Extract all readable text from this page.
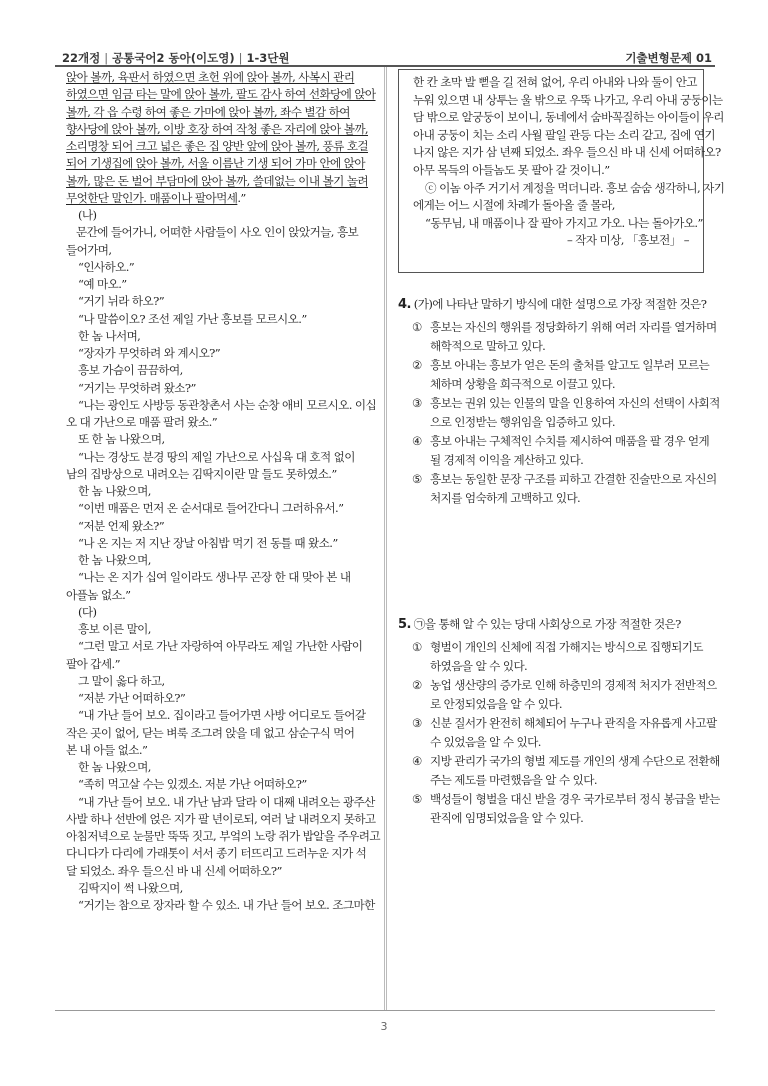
22개정 | 공통국어2 동아(이도영) | 1-3단원	기출변형문제 01
앉아 볼까, 육판서 하였으면 초헌 위에 앉아 볼까, 사복시 관리
하였으면 임금 타는 말에 앉아 볼까, 팔도 감사 하여 선화당에 앉아
볼까, 각 읍 수령 하여 좋은 가마에 앉아 볼까, 좌수 별감 하여
향사당에 앉아 볼까, 이방 호장 하여 작청 좋은 자리에 앉아 볼까,
소리명창 되어 크고 넓은 좋은 집 양반 앞에 앉아 볼까, 풍류 호걸
되어 기생집에 앉아 볼까, 서울 이름난 기생 되어 가마 안에 앉아
볼까, 많은 돈 벌어 부담마에 앉아 볼까, 쓸데없는 이내 볼기 놀려
무엇한단 말인가. 매품이나 팔아먹세.”
(나)
문간에 들어가니, 어떠한 사람들이 사오 인이 앉았거늘, 흥보
들어가며,
“인사하오.”
“예 마오.”
“거기 뉘라 하오?”
“나 말씀이오? 조선 제일 가난 흥보를 모르시오.”
한 놈 나서며,
“장자가 무엇하려 와 계시오?”
흥보 가슴이 끔끔하여,
“거기는 무엇하려 왔소?”
“나는 광인도 사방등 동관창촌서 사는 순창 애비 모르시오. 이십
오 대 가난으로 매품 팔러 왔소.”
또 한 놈 나왔으며,
“나는 경상도 분경 땅의 제일 가난으로 사십육 대 호적 없이
남의 집방상으로 내려오는 김딱지이란 말 들도 못하였소.”
한 놈 나왔으며,
“이번 매품은 먼저 온 순서대로 들어간다니 그러하유서.”
“저분 언제 왔소?”
“나 온 지는 저 지난 장날 아침밥 먹기 전 동틀 때 왔소.”
한 놈 나왔으며,
“나는 온 지가 십여 일이라도 생나무 곤장 한 대 맞아 본 내
아플놈 없소.”
(다)
흥보 이른 말이,
“그런 말고 서로 가난 자랑하여 아무라도 제일 가난한 사람이
팔아 갑세.”
그 말이 옳다 하고,
“저분 가난 어떠하오?”
“내 가난 들어 보오. 집이라고 들어가면 사방 어디로도 들어갈
작은 곳이 없어, 닫는 벼룩 조그려 앉을 데 없고 삼순구식 먹어
본 내 아들 없소.”
한 놈 나왔으며,
“족히 먹고살 수는 있겠소. 저분 가난 어떠하오?”
“내 가난 들어 보오. 내 가난 남과 달라 이 대째 내려오는 광주산
사발 하나 선반에 얹은 지가 팔 년이로되, 여러 날 내려오지 못하고
아침저녁으로 눈물만 뚝뚝 짓고, 부엌의 노랑 쥐가 밥알을 주우려고
다니다가 다리에 가래톳이 서서 종기 터뜨리고 드러누운 지가 석
달 되었소. 좌우 들으신 바 내 신세 어떠하오?”
김딱지이 썩 나왔으며,
“거기는 참으로 장자라 할 수 있소. 내 가난 들어 보오. 조그마한
한 칸 초막 발 뻗을 길 전혀 없어, 우리 아내와 나와 둘이 안고
누워 있으면 내 상투는 울 밖으로 우뚝 나가고, 우리 아내 궁둥이는
담 밖으로 알궁둥이 보이니, 동네에서 숨바꼭질하는 아이들이 우리
아내 궁둥이 치는 소리 사월 팔일 관등 다는 소리 같고, 집에 연기
나지 않은 지가 삼 년째 되었소. 좌우 들으신 바 내 신세 어떠하오?
아무 목득의 아들놈도 못 팔아 갈 것이니.”
ⓒ 이놈 아주 거기서 계정을 먹더니라. 흥보 숨숨 생각하니, 자기
에게는 어느 시절에 차례가 돌아올 줄 몰라,
“동무님, 내 매품이나 잘 팔아 가지고 가오. 나는 돌아가오.”
– 작자 미상, 「흥보전」 –
4. (가)에 나타난 말하기 방식에 대한 설명으로 가장 적절한 것은?
① 흥보는 자신의 행위를 정당화하기 위해 여러 자리를 열거하며
해학적으로 말하고 있다.
② 흥보 아내는 흥보가 얻은 돈의 출처를 알고도 일부러 모르는
체하며 상황을 희극적으로 이끌고 있다.
③ 흥보는 권위 있는 인물의 말을 인용하여 자신의 선택이 사회적
으로 인정받는 행위임을 입증하고 있다.
④ 흥보 아내는 구체적인 수치를 제시하여 매품을 팔 경우 얻게
될 경제적 이익을 계산하고 있다.
⑤ 흥보는 동일한 문장 구조를 피하고 간결한 진술만으로 자신의
처지를 엄숙하게 고백하고 있다.
5. ㉠을 통해 알 수 있는 당대 사회상으로 가장 적절한 것은?
① 형벌이 개인의 신체에 직접 가해지는 방식으로 집행되기도
하였음을 알 수 있다.
② 농업 생산량의 증가로 인해 하층민의 경제적 처지가 전반적으
로 안정되었음을 알 수 있다.
③ 신분 질서가 완전히 해체되어 누구나 관직을 자유롭게 사고팔
수 있었음을 알 수 있다.
④ 지방 관리가 국가의 형벌 제도를 개인의 생계 수단으로 전환해
주는 제도를 마련했음을 알 수 있다.
⑤ 백성들이 형벌을 대신 받을 경우 국가로부터 정식 봉급을 받는
관직에 임명되었음을 알 수 있다.
3
